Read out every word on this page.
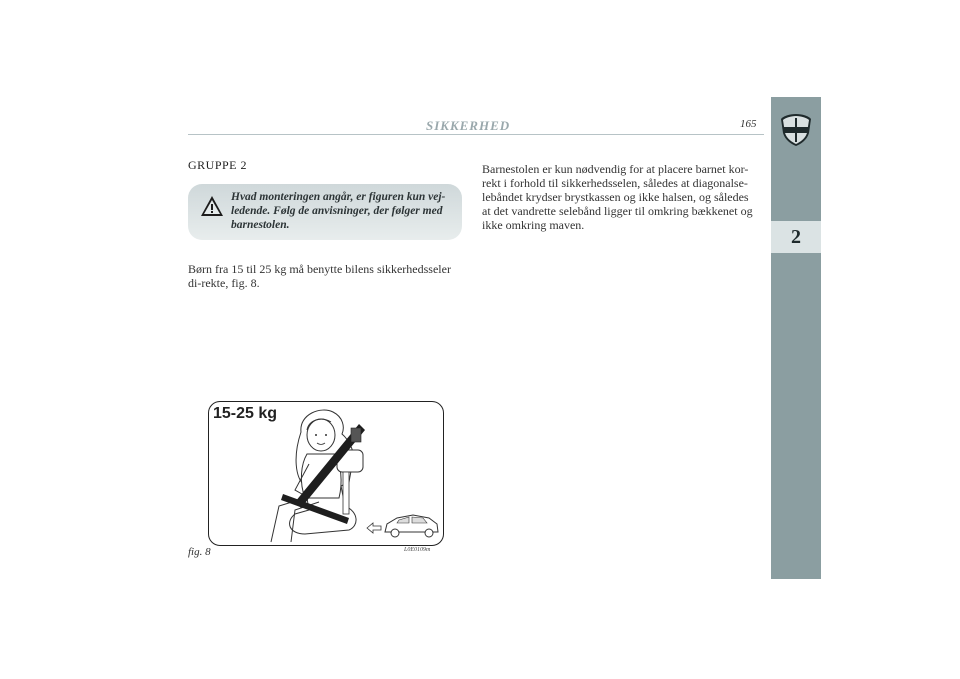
SIKKERHED	165
2
GRUPPE 2
Hvad monteringen angår, er figuren kun vej-ledende. Følg de anvisninger, der følger med barnestolen.
Børn fra 15 til 25 kg må benytte bilens sikkerhedsseler di-rekte, fig. 8.
Barnestolen er kun nødvendig for at placere barnet kor-rekt i forhold til sikkerhedsselen, således at diagonalse-lebåndet krydser brystkassen og ikke halsen, og således at det vandrette selebånd ligger til omkring bækkenet og ikke omkring maven.
15-25 kg
fig. 8	L0E0109m
